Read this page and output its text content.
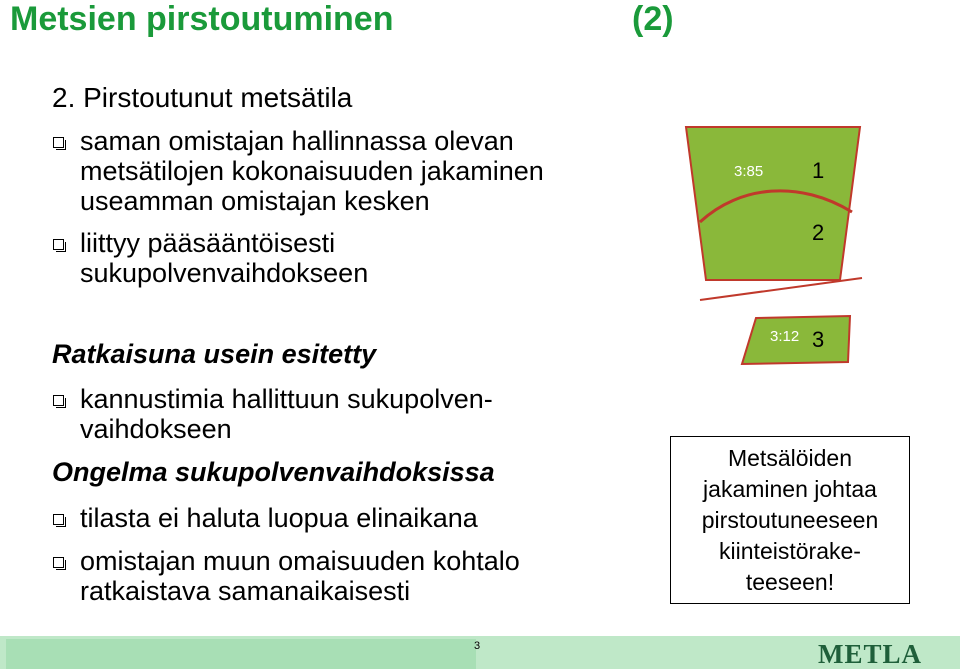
Metsien pirstoutuminen	(2)
2. Pirstoutunut metsätila
saman omistajan hallinnassa olevan
metsätilojen kokonaisuuden jakaminen
useamman omistajan kesken
liittyy pääsääntöisesti
sukupolvenvaihdokseen
Ratkaisuna usein esitetty
kannustimia hallittuun sukupolven-
vaihdokseen
Ongelma sukupolvenvaihdoksissa
tilasta ei haluta luopua elinaikana
omistajan muun omaisuuden kohtalo
ratkaistava samanaikaisesti
3:85 1
2
3:12 3
Metsälöiden
jakaminen johtaa
pirstoutuneeseen
kiinteistörake-
teeseen!
3	METLA
